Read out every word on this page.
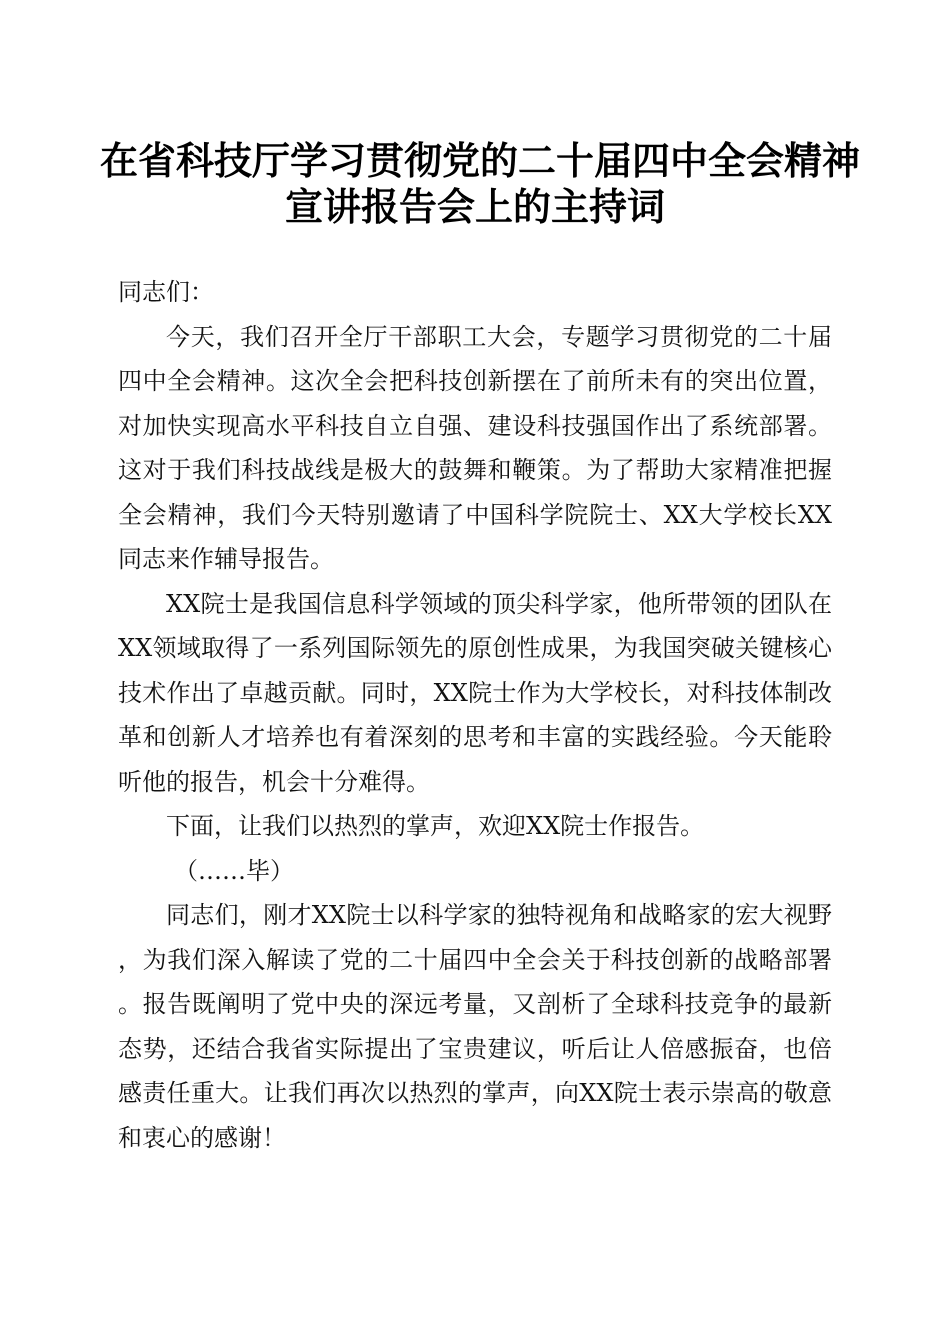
在省科技厅学习贯彻党的二十届四中全会精神
宣讲报告会上的主持词

同志们：

今天，我们召开全厅干部职工大会，专题学习贯彻党的二十届四中全会精神。这次全会把科技创新摆在了前所未有的突出位置，对加快实现高水平科技自立自强、建设科技强国作出了系统部署。这对于我们科技战线是极大的鼓舞和鞭策。为了帮助大家精准把握全会精神，我们今天特别邀请了中国科学院院士、XX大学校长XX同志来作辅导报告。

XX院士是我国信息科学领域的顶尖科学家，他所带领的团队在XX领域取得了一系列国际领先的原创性成果，为我国突破关键核心技术作出了卓越贡献。同时，XX院士作为大学校长，对科技体制改革和创新人才培养也有着深刻的思考和丰富的实践经验。今天能聆听他的报告，机会十分难得。

下面，让我们以热烈的掌声，欢迎XX院士作报告。

（……毕）

同志们，刚才XX院士以科学家的独特视角和战略家的宏大视野，为我们深入解读了党的二十届四中全会关于科技创新的战略部署。报告既阐明了党中央的深远考量，又剖析了全球科技竞争的最新态势，还结合我省实际提出了宝贵建议，听后让人倍感振奋，也倍感责任重大。让我们再次以热烈的掌声，向XX院士表示崇高的敬意和衷心的感谢！
